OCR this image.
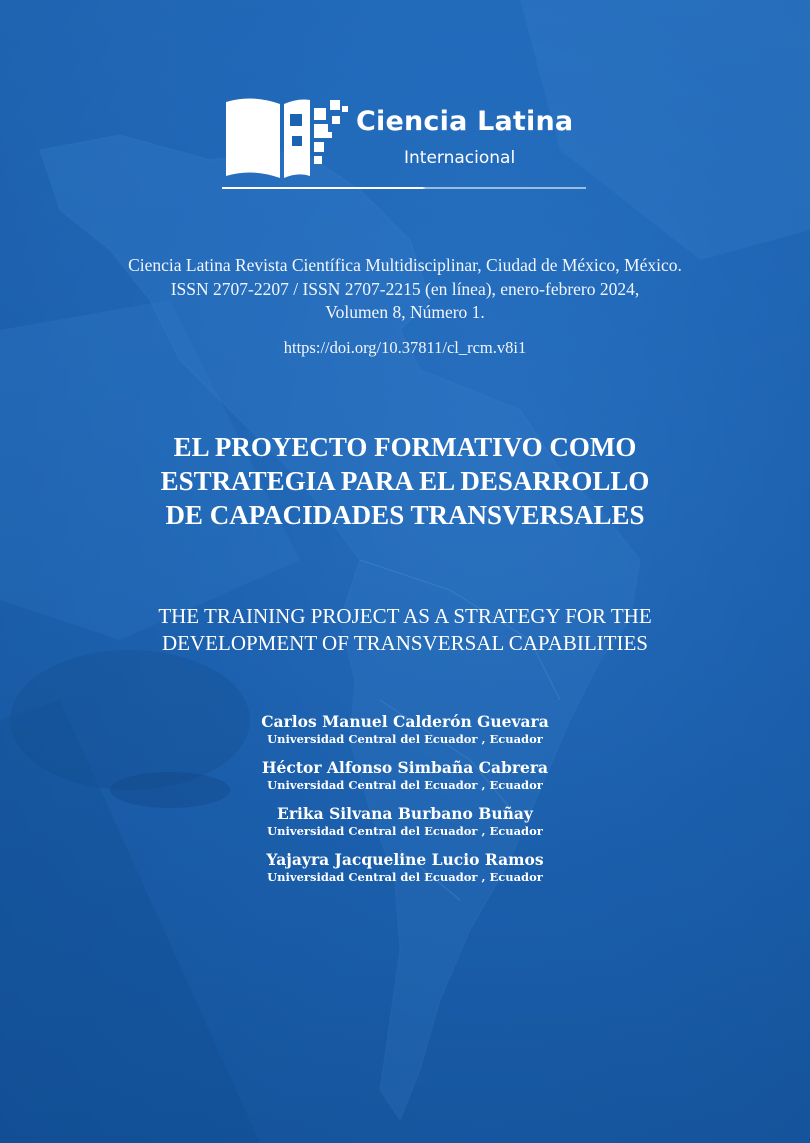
Ciencia Latina
Internacional
Ciencia Latina Revista Científica Multidisciplinar, Ciudad de México, México.
ISSN 2707-2207 / ISSN 2707-2215 (en línea), enero-febrero 2024,
Volumen 8, Número 1.
https://doi.org/10.37811/cl_rcm.v8i1
EL PROYECTO FORMATIVO COMO
ESTRATEGIA PARA EL DESARROLLO
DE CAPACIDADES TRANSVERSALES
THE TRAINING PROJECT AS A STRATEGY FOR THE
DEVELOPMENT OF TRANSVERSAL CAPABILITIES
Carlos Manuel Calderón Guevara
Universidad Central del Ecuador , Ecuador
Héctor Alfonso Simbaña Cabrera
Universidad Central del Ecuador , Ecuador
Erika Silvana Burbano Buñay
Universidad Central del Ecuador , Ecuador
Yajayra Jacqueline Lucio Ramos
Universidad Central del Ecuador , Ecuador
